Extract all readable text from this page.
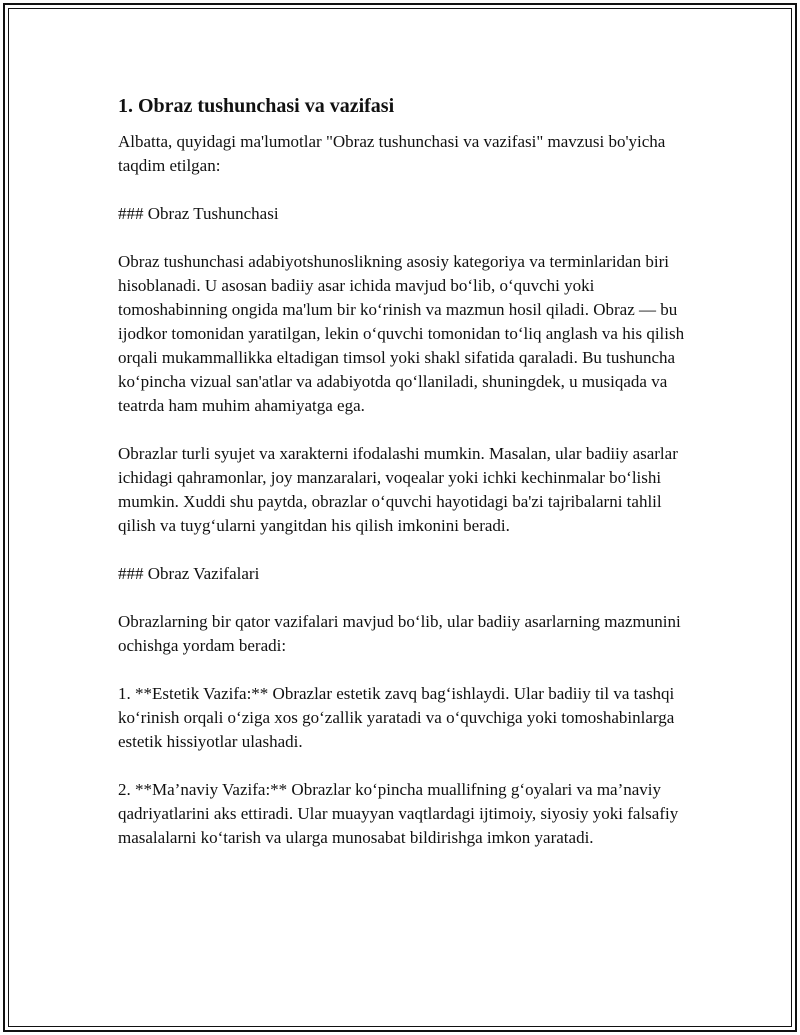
1. Obraz tushunchasi va vazifasi

Albatta, quyidagi ma'lumotlar "Obraz tushunchasi va vazifasi" mavzusi bo'yicha taqdim etilgan:

### Obraz Tushunchasi

Obraz tushunchasi adabiyotshunoslikning asosiy kategoriya va terminlaridan biri hisoblanadi. U asosan badiiy asar ichida mavjud bo‘lib, o‘quvchi yoki tomoshabinning ongida ma'lum bir ko‘rinish va mazmun hosil qiladi. Obraz — bu ijodkor tomonidan yaratilgan, lekin o‘quvchi tomonidan to‘liq anglash va his qilish orqali mukammallikka eltadigan timsol yoki shakl sifatida qaraladi. Bu tushuncha ko‘pincha vizual san'atlar va adabiyotda qo‘llaniladi, shuningdek, u musiqada va teatrda ham muhim ahamiyatga ega.

Obrazlar turli syujet va xarakterni ifodalashi mumkin. Masalan, ular badiiy asarlar ichidagi qahramonlar, joy manzaralari, voqealar yoki ichki kechinmalar bo‘lishi mumkin. Xuddi shu paytda, obrazlar o‘quvchi hayotidagi ba'zi tajribalarni tahlil qilish va tuyg‘ularni yangitdan his qilish imkonini beradi.

### Obraz Vazifalari

Obrazlarning bir qator vazifalari mavjud bo‘lib, ular badiiy asarlarning mazmunini ochishga yordam beradi:

1. **Estetik Vazifa:** Obrazlar estetik zavq bag‘ishlaydi. Ular badiiy til va tashqi ko‘rinish orqali o‘ziga xos go‘zallik yaratadi va o‘quvchiga yoki tomoshabinlarga estetik hissiyotlar ulashadi.

2. **Ma’naviy Vazifa:** Obrazlar ko‘pincha muallifning g‘oyalari va ma’naviy qadriyatlarini aks ettiradi. Ular muayyan vaqtlardagi ijtimoiy, siyosiy yoki falsafiy masalalarni ko‘tarish va ularga munosabat bildirishga imkon yaratadi.
